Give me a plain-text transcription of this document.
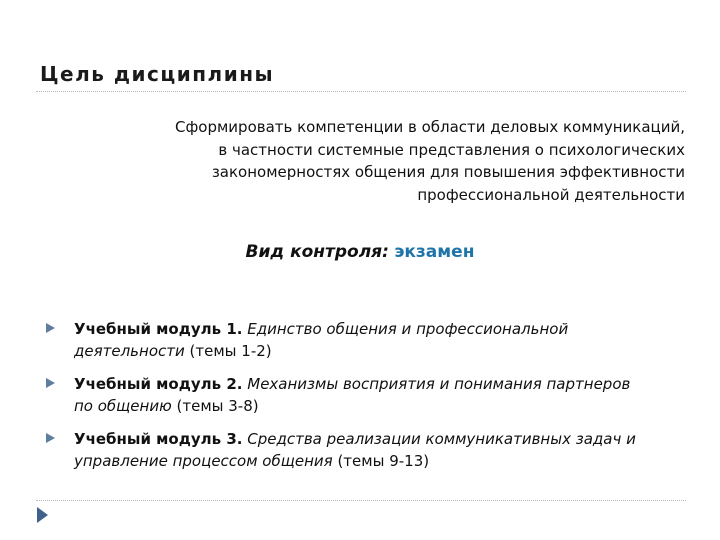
Цель дисциплины
Сформировать компетенции в области деловых коммуникаций,
в частности системные представления о психологических
закономерностях общения для повышения эффективности
профессиональной деятельности
Вид контроля: экзамен
Учебный модуль 1. Единство общения и профессиональной
деятельности (темы 1-2)
Учебный модуль 2. Механизмы восприятия и понимания партнеров
по общению (темы 3-8)
Учебный модуль 3. Средства реализации коммуникативных задач и
управление процессом общения (темы 9-13)
